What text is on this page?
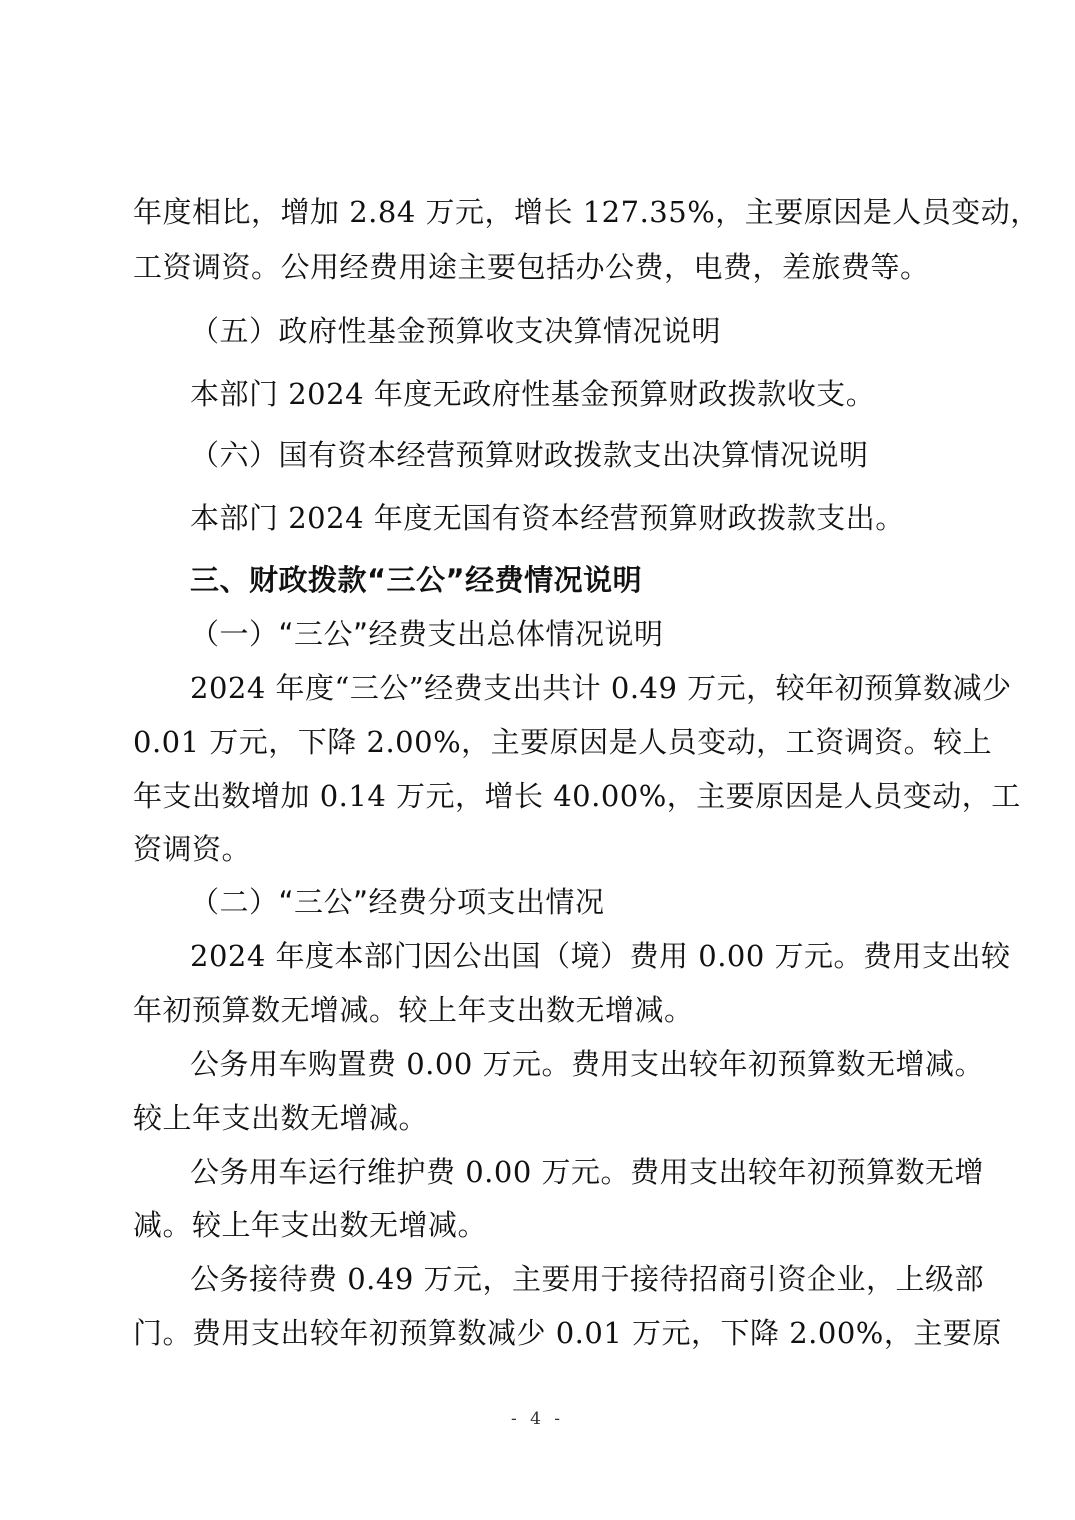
年度相比，增加 2.84 万元，增长 127.35%，主要原因是人员变动，
工资调资。公用经费用途主要包括办公费，电费，差旅费等。
（五）政府性基金预算收支决算情况说明
本部门 2024 年度无政府性基金预算财政拨款收支。
（六）国有资本经营预算财政拨款支出决算情况说明
本部门 2024 年度无国有资本经营预算财政拨款支出。
三、财政拨款“三公”经费情况说明
（一）“三公”经费支出总体情况说明
2024 年度“三公”经费支出共计 0.49 万元，较年初预算数减少
0.01 万元，下降 2.00%，主要原因是人员变动，工资调资。较上
年支出数增加 0.14 万元，增长 40.00%，主要原因是人员变动，工
资调资。
（二）“三公”经费分项支出情况
2024 年度本部门因公出国（境）费用 0.00 万元。费用支出较
年初预算数无增减。较上年支出数无增减。
公务用车购置费 0.00 万元。费用支出较年初预算数无增减。
较上年支出数无增减。
公务用车运行维护费 0.00 万元。费用支出较年初预算数无增
减。较上年支出数无增减。
公务接待费 0.49 万元，主要用于接待招商引资企业，上级部
门。费用支出较年初预算数减少 0.01 万元，下降 2.00%，主要原
- 4 -
